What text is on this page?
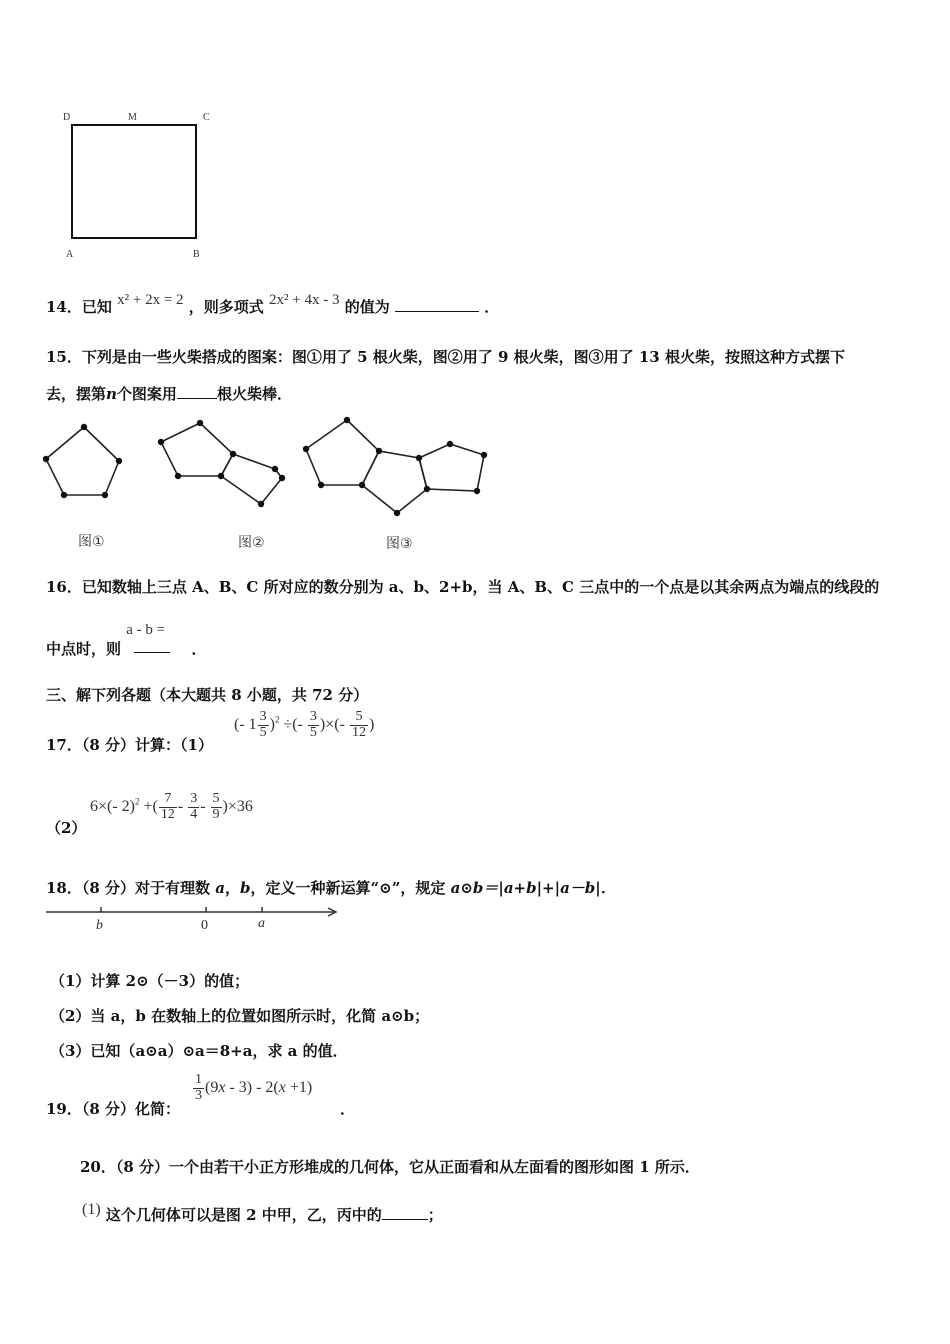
D	M	C
A	B
14．已知 x² + 2x = 2 ，则多项式 2x² + 4x - 3 的值为	．
15．下列是由一些火柴搭成的图案：图①用了 5 根火柴，图②用了 9 根火柴，图③用了 13 根火柴，按照这种方式摆下
去，摆第n个图案用	根火柴棒．
图①	图②	图③
16．已知数轴上三点 A、B、C 所对应的数分别为 a、b、2+b，当 A、B、C 三点中的一个点是以其余两点为端点的线段的
中点时，则
a - b =
．
三、解下列各题（本大题共 8 小题，共 72 分）
17．（8 分）计算：（1）
(- $1 \frac{3}{5} )^2$ ÷(- $\frac{3}{5}$ )×(- $\frac{5}{12}$ )
（2）
6×(- 2)$^2$ +( $\frac{7}{12} - \frac{3}{4} - \frac{5}{9} )\times 36$
18．（8 分）对于有理数 a，b，定义一种新运算“⊙”，规定 a⊙b＝|a+b|+|a－b|．
b	0	a
（1）计算 2⊙（－3）的值；
（2）当 a，b 在数轴上的位置如图所示时，化简 a⊙b；
（3）已知（a⊙a）⊙a＝8+a，求 a 的值．
19．（8 分）化简：
$\frac{1}{3} (9x - 3) - 2(x +1)$
．
20．（8 分）一个由若干小正方形堆成的几何体，它从正面看和从左面看的图形如图 1 所示．
(1) 这个几何体可以是图 2 中甲，乙，丙中的	；
